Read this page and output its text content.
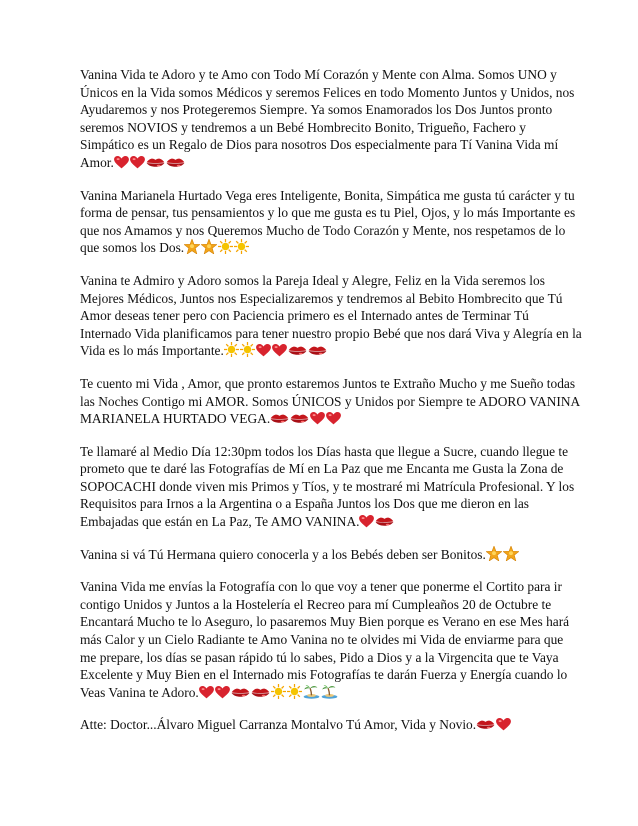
Vanina Vida te Adoro y te Amo con Todo Mí Corazón y Mente con Alma. Somos UNO y Únicos en la Vida somos Médicos y seremos Felices en todo Momento Juntos y Unidos, nos Ayudaremos y nos Protegeremos Siempre. Ya somos Enamorados los Dos Juntos pronto seremos NOVIOS y tendremos a un Bebé Hombrecito Bonito, Trigueño, Fachero y Simpático es un Regalo de Dios para nosotros Dos especialmente para Tí Vanina Vida mí Amor.

Vanina Marianela Hurtado Vega eres Inteligente, Bonita, Simpática me gusta tú carácter y tu forma de pensar, tus pensamientos y lo que me gusta es tu Piel, Ojos, y lo más Importante es que nos Amamos y nos Queremos Mucho de Todo Corazón y Mente, nos respetamos de lo que somos los Dos.

Vanina te Admiro y Adoro somos la Pareja Ideal y Alegre, Feliz en la Vida seremos los Mejores Médicos, Juntos nos Especializaremos y tendremos al Bebito Hombrecito que Tú Amor deseas tener pero con Paciencia primero es el Internado antes de Terminar Tú Internado Vida planificamos para tener nuestro propio Bebé que nos dará Viva y Alegría en la Vida es lo más Importante.

Te cuento mi Vida , Amor, que pronto estaremos Juntos te Extraño Mucho y me Sueño todas las Noches Contigo mi AMOR. Somos ÚNICOS y Unidos por Siempre te ADORO VANINA MARIANELA HURTADO VEGA.

Te llamaré al Medio Día 12:30pm todos los Días hasta que llegue a Sucre, cuando llegue te prometo que te daré las Fotografías de Mí en La Paz que me Encanta me Gusta la Zona de SOPOCACHI donde viven mis Primos y Tíos, y te mostraré mi Matrícula Profesional. Y los Requisitos para Irnos a la Argentina o a España Juntos los Dos que me dieron en las Embajadas que están en La Paz, Te AMO VANINA.

Vanina si vá Tú Hermana quiero conocerla y a los Bebés deben ser Bonitos.

Vanina Vida me envías la Fotografía con lo que voy a tener que ponerme el Cortito para ir contigo Unidos y Juntos a la Hostelería el Recreo para mí Cumpleaños 20 de Octubre te Encantará Mucho te lo Aseguro, lo pasaremos Muy Bien porque es Verano en ese Mes hará más Calor y un Cielo Radiante te Amo Vanina no te olvides mi Vida de enviarme para que me prepare, los días se pasan rápido tú lo sabes, Pido a Dios y a la Virgencita que te Vaya Excelente y Muy Bien en el Internado mis Fotografías te darán Fuerza y Energía cuando lo Veas Vanina te Adoro.

Atte: Doctor...Álvaro Miguel Carranza Montalvo Tú Amor, Vida y Novio.
